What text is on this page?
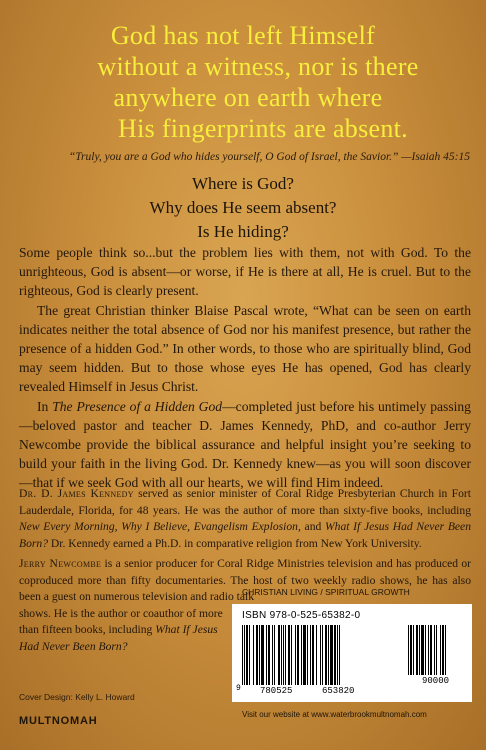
God has not left Himself
without a witness, nor is there
anywhere on earth where
His fingerprints are absent.
“Truly, you are a God who hides yourself, O God of Israel, the Savior.” —Isaiah 45:15
Where is God?
Why does He seem absent?
Is He hiding?

Some people think so...but the problem lies with them, not with God. To the unrighteous, God is absent—or worse, if He is there at all, He is cruel. But to the righteous, God is clearly present.

The great Christian thinker Blaise Pascal wrote, “What can be seen on earth indicates neither the total absence of God nor his manifest presence, but rather the presence of a hidden God.” In other words, to those who are spiritually blind, God may seem hidden. But to those whose eyes He has opened, God has clearly revealed Himself in Jesus Christ.

In The Presence of a Hidden God—completed just before his untimely passing—beloved pastor and teacher D. James Kennedy, PhD, and co-author Jerry Newcombe provide the biblical assurance and helpful insight you’re seeking to build your faith in the living God. Dr. Kennedy knew—as you will soon discover—that if we seek God with all our hearts, we will find Him indeed.

Dr. D. James Kennedy served as senior minister of Coral Ridge Presbyterian Church in Fort Lauderdale, Florida, for 48 years. He was the author of more than sixty-five books, including New Every Morning, Why I Believe, Evangelism Explosion, and What If Jesus Had Never Been Born? Dr. Kennedy earned a Ph.D. in comparative religion from New York University.

Jerry Newcombe is a senior producer for Coral Ridge Ministries television and has produced or coproduced more than fifty documentaries. The host of two weekly radio shows, he has also been a guest on numerous television and radio talk
shows. He is the author or coauthor of more
than fifteen books, including What If Jesus
Had Never Been Born?
CHRISTIAN LIVING / SPIRITUAL GROWTH
ISBN 978-0-525-65382-0
9 780525	653820
90000
Visit our website at www.waterbrookmultnomah.com
Cover Design: Kelly L. Howard
MULTNOMAH
